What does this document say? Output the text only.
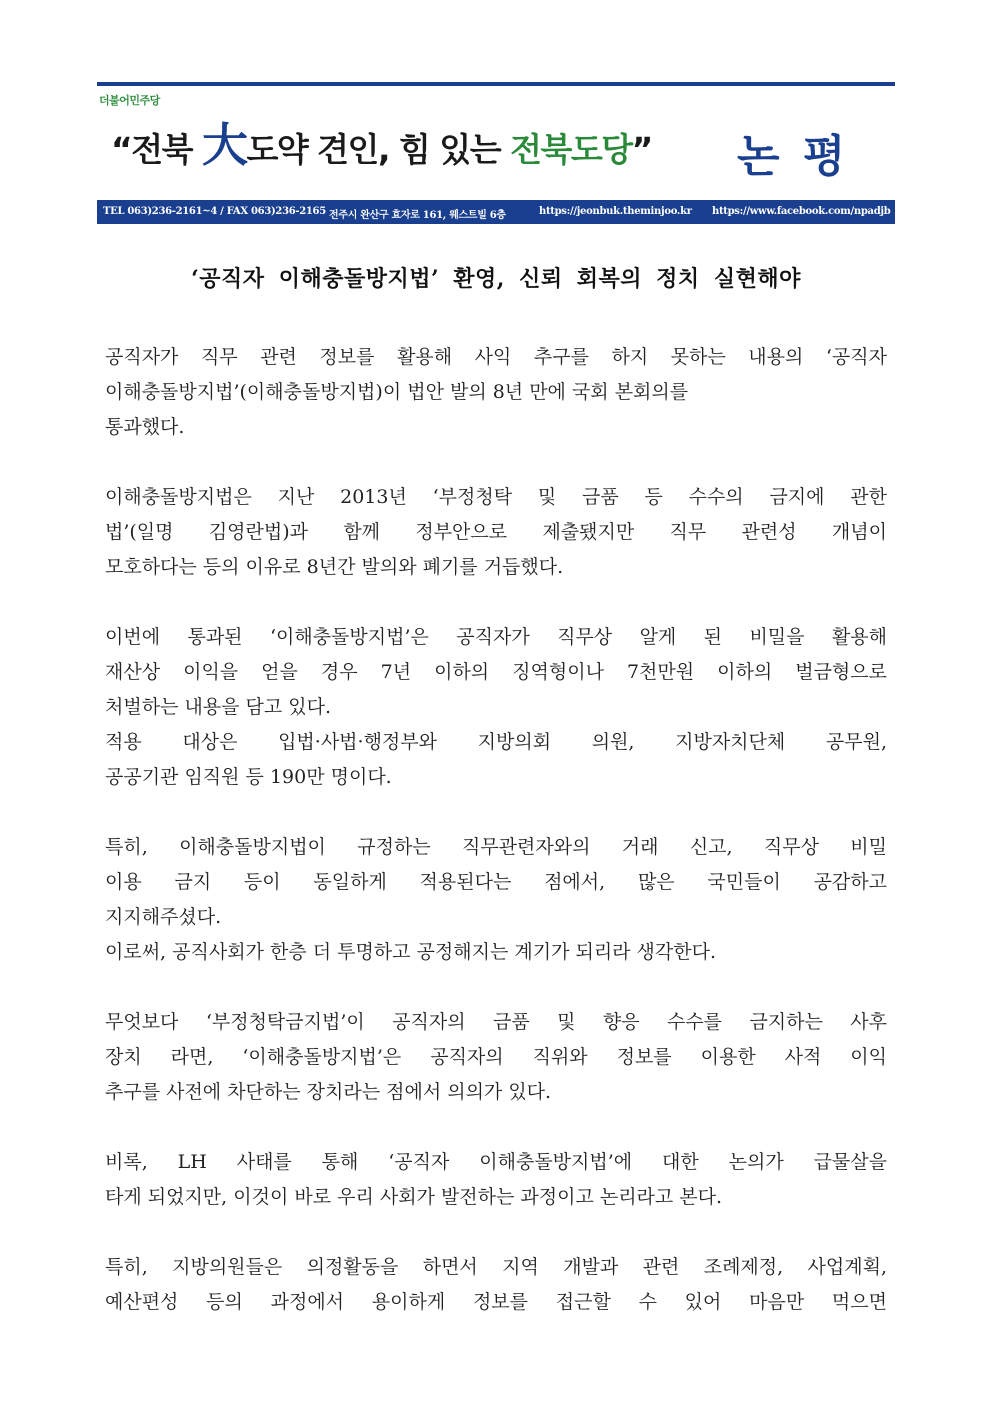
더불어민주당
“전북 大도약 견인, 힘 있는 전북도당” 논 평
TEL 063)236-2161~4 / FAX 063)236-2165 전주시 완산구 효자로 161, 웨스트빌 6층	https://jeonbuk.theminjoo.kr https://www.facebook.com/npadjb
‘공직자 이해충돌방지법’ 환영, 신뢰 회복의 정치 실현해야
공직자가 직무 관련 정보를 활용해 사익 추구를 하지 못하는 내용의 ‘공직자
이해충돌방지법’(이해충돌방지법)이 법안 발의 8년 만에 국회 본회의를
통과했다.
이해충돌방지법은 지난 2013년 ‘부정청탁 및 금품 등 수수의 금지에 관한
법’(일명 김영란법)과 함께 정부안으로 제출됐지만 직무 관련성 개념이
모호하다는 등의 이유로 8년간 발의와 폐기를 거듭했다.
이번에 통과된 ‘이해충돌방지법’은 공직자가 직무상 알게 된 비밀을 활용해
재산상 이익을 얻을 경우 7년 이하의 징역형이나 7천만원 이하의 벌금형으로
처벌하는 내용을 담고 있다.
적용 대상은 입법·사법·행정부와 지방의회 의원, 지방자치단체 공무원,
공공기관 임직원 등 190만 명이다.
특히, 이해충돌방지법이 규정하는 직무관련자와의 거래 신고, 직무상 비밀
이용 금지 등이 동일하게 적용된다는 점에서, 많은 국민들이 공감하고
지지해주셨다.
이로써, 공직사회가 한층 더 투명하고 공정해지는 계기가 되리라 생각한다.
무엇보다 ‘부정청탁금지법’이 공직자의 금품 및 향응 수수를 금지하는 사후
장치 라면, ‘이해충돌방지법’은 공직자의 직위와 정보를 이용한 사적 이익
추구를 사전에 차단하는 장치라는 점에서 의의가 있다.
비록, LH 사태를 통해 ‘공직자 이해충돌방지법’에 대한 논의가 급물살을
타게 되었지만, 이것이 바로 우리 사회가 발전하는 과정이고 논리라고 본다.
특히, 지방의원들은 의정활동을 하면서 지역 개발과 관련 조례제정, 사업계획,
예산편성 등의 과정에서 용이하게 정보를 접근할 수 있어 마음만 먹으면
